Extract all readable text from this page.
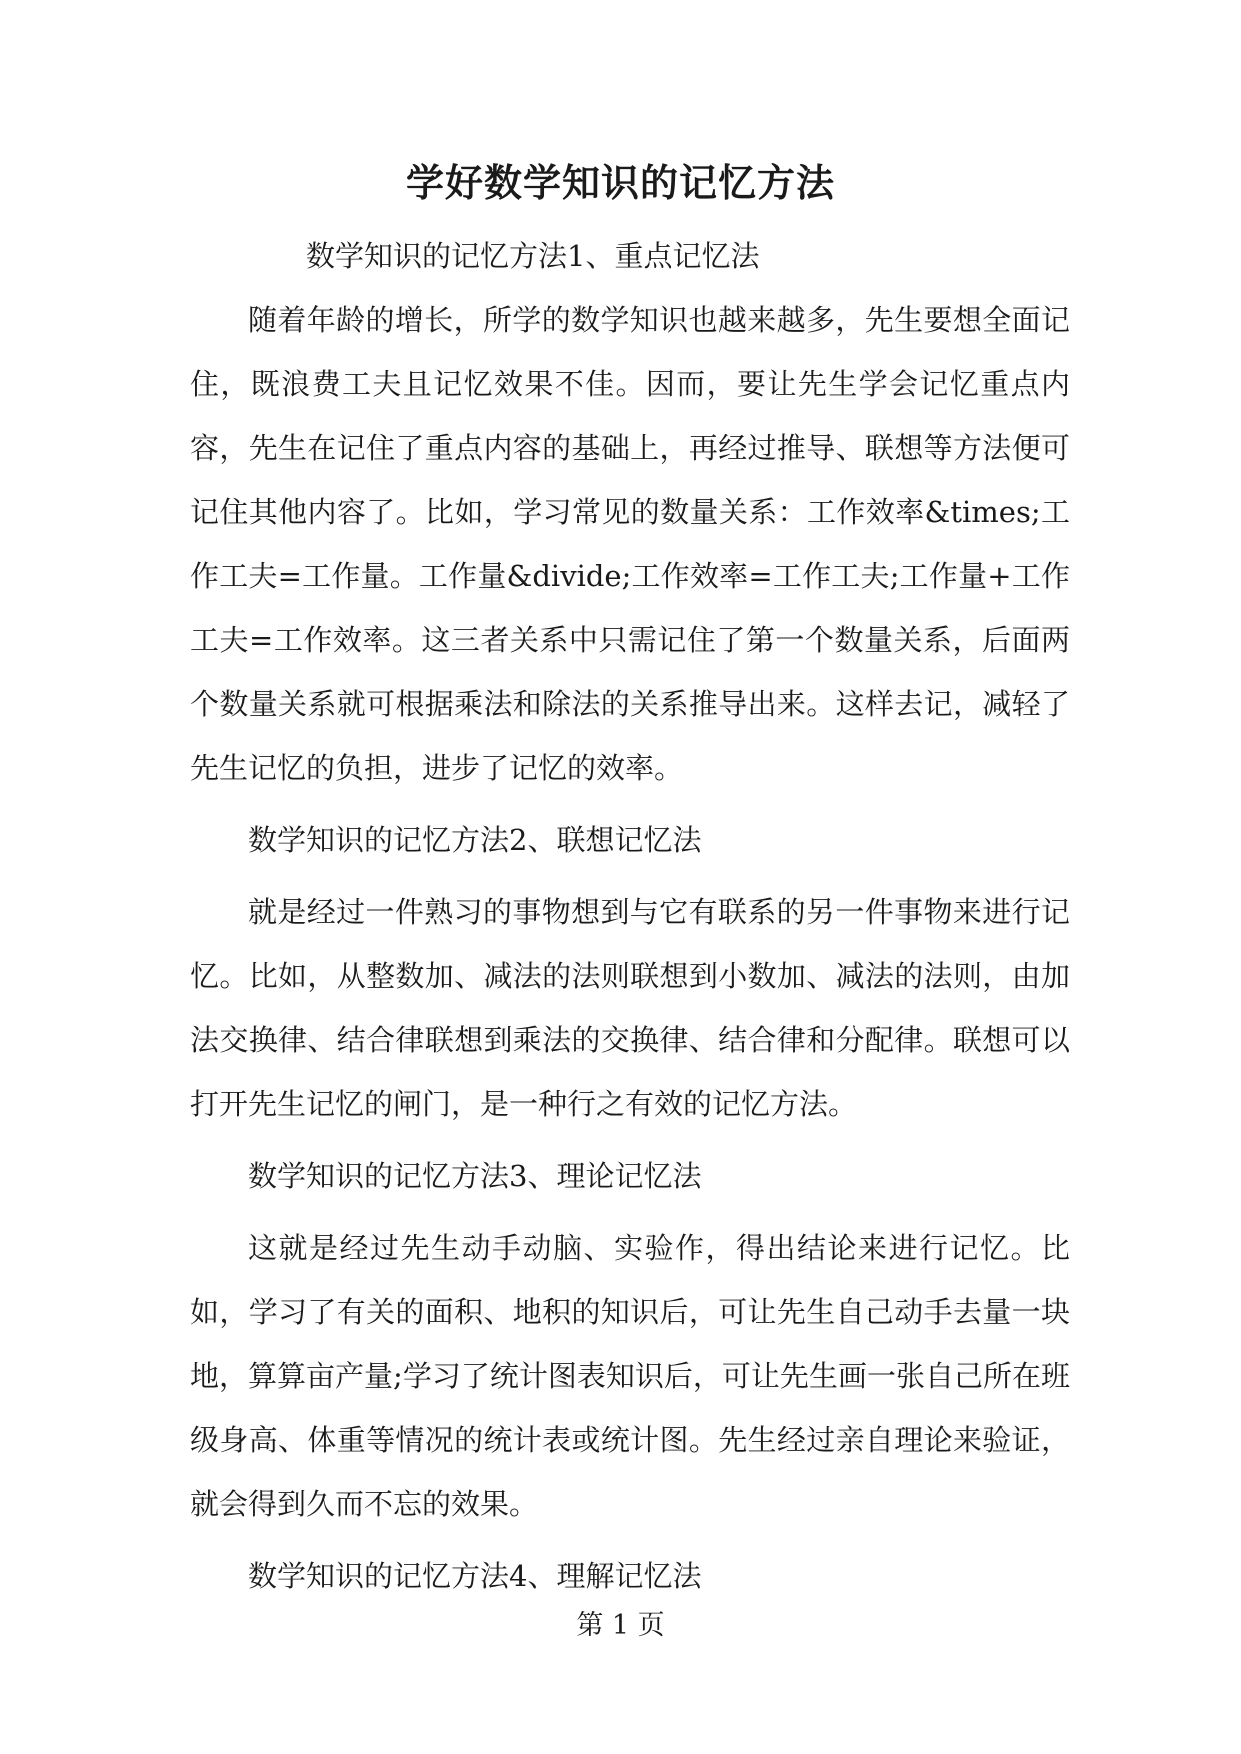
学好数学知识的记忆方法

数学知识的记忆方法1、重点记忆法

随着年龄的增长，所学的数学知识也越来越多，先生要想全面记住，既浪费工夫且记忆效果不佳。因而，要让先生学会记忆重点内容，先生在记住了重点内容的基础上，再经过推导、联想等方法便可记住其他内容了。比如，学习常见的数量关系：工作效率&times;工作工夫=工作量。工作量&divide;工作效率=工作工夫;工作量+工作工夫=工作效率。这三者关系中只需记住了第一个数量关系，后面两个数量关系就可根据乘法和除法的关系推导出来。这样去记，减轻了先生记忆的负担，进步了记忆的效率。

数学知识的记忆方法2、联想记忆法

就是经过一件熟习的事物想到与它有联系的另一件事物来进行记忆。比如，从整数加、减法的法则联想到小数加、减法的法则，由加法交换律、结合律联想到乘法的交换律、结合律和分配律。联想可以打开先生记忆的闸门，是一种行之有效的记忆方法。

数学知识的记忆方法3、理论记忆法

这就是经过先生动手动脑、实验作，得出结论来进行记忆。比如，学习了有关的面积、地积的知识后，可让先生自己动手去量一块地，算算亩产量;学习了统计图表知识后，可让先生画一张自己所在班级身高、体重等情况的统计表或统计图。先生经过亲自理论来验证，就会得到久而不忘的效果。

数学知识的记忆方法4、理解记忆法

第 1 页
